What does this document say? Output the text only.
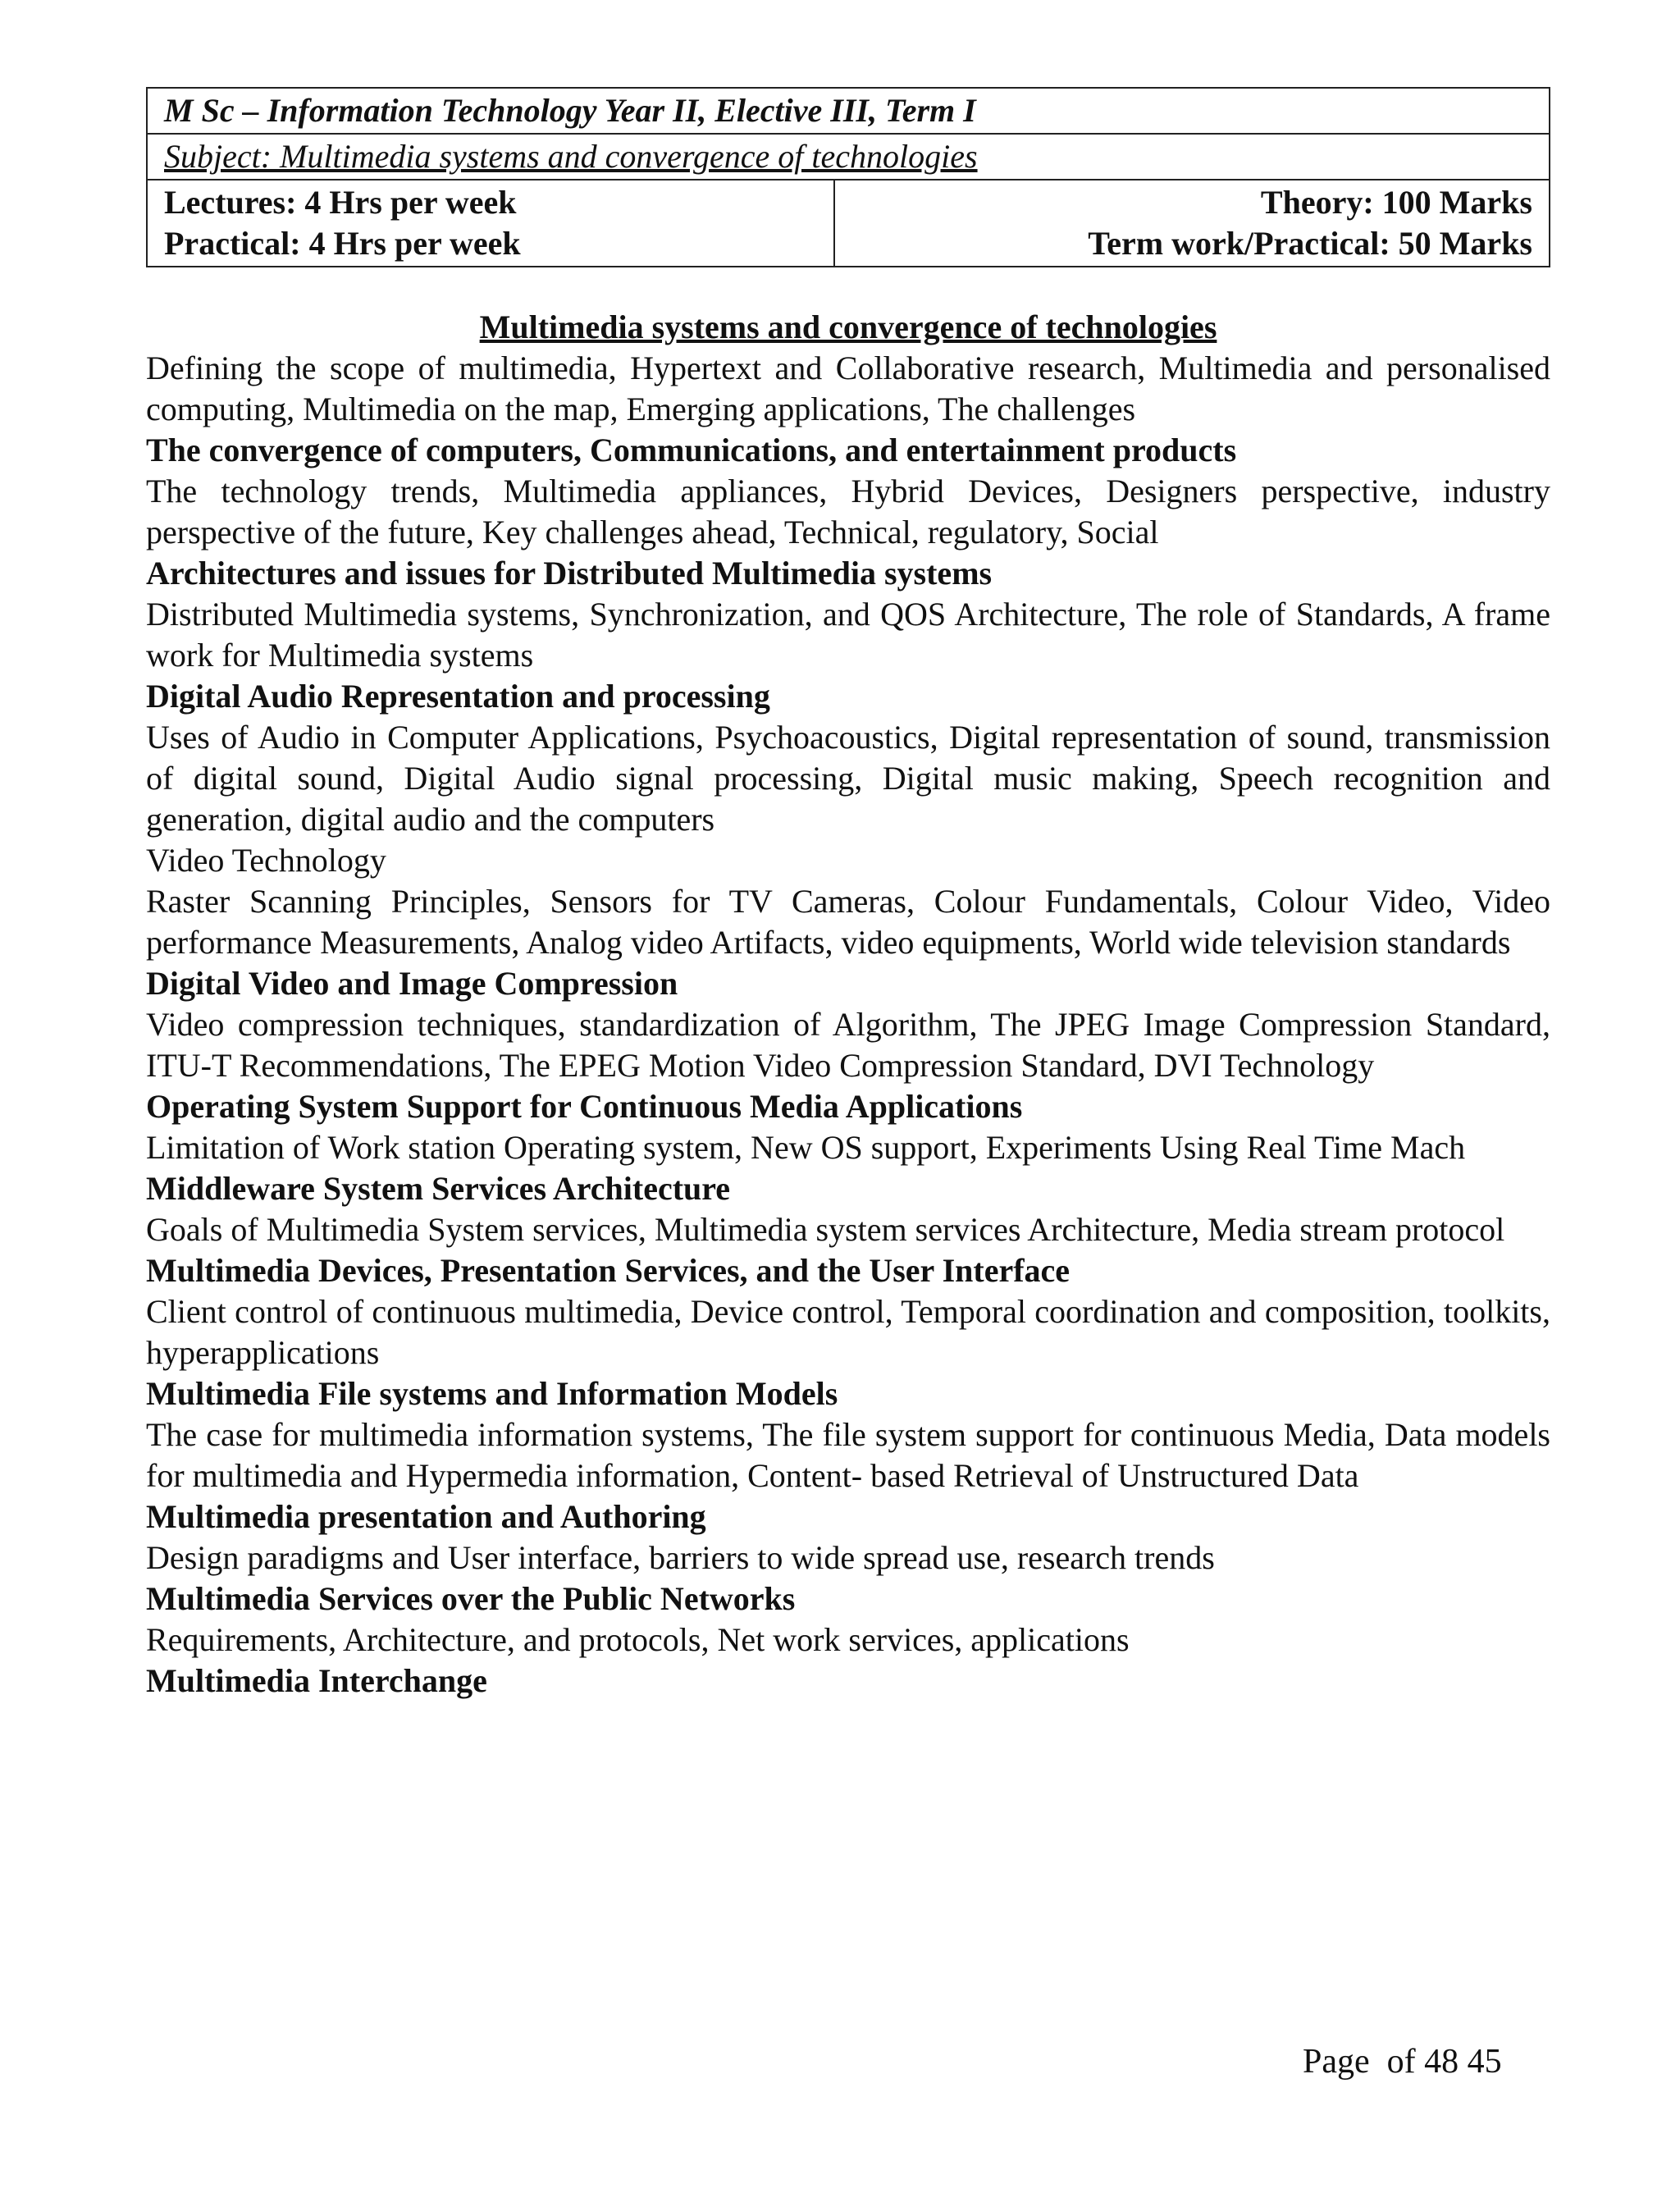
M Sc – Information Technology Year II, Elective III, Term I
Subject: Multimedia systems and convergence of technologies

Lectures: 4 Hrs per week
Practical: 4 Hrs per week

Theory: 100 Marks
Term work/Practical: 50 Marks
Multimedia systems and convergence of technologies
Defining the scope of multimedia, Hypertext and Collaborative research, Multimedia and personalised computing, Multimedia on the map, Emerging applications, The challenges
The convergence of computers, Communications, and entertainment products
The technology trends, Multimedia appliances, Hybrid Devices, Designers perspective, industry perspective of the future, Key challenges ahead, Technical, regulatory, Social
Architectures and issues for Distributed Multimedia systems
Distributed Multimedia systems, Synchronization, and QOS Architecture, The role of Standards, A frame work for Multimedia systems
Digital Audio Representation and processing
Uses of Audio in Computer Applications, Psychoacoustics, Digital representation of sound, transmission of digital sound, Digital Audio signal processing, Digital music making, Speech recognition and generation, digital audio and the computers
Video Technology
Raster Scanning Principles, Sensors for TV Cameras, Colour Fundamentals, Colour Video, Video performance Measurements, Analog video Artifacts, video equipments, World wide television standards
Digital Video and Image Compression
Video compression techniques, standardization of Algorithm, The JPEG Image Compression Standard, ITU-T Recommendations, The EPEG Motion Video Compression Standard, DVI Technology
Operating System Support for Continuous Media Applications
Limitation of Work station Operating system, New OS support, Experiments Using Real Time Mach
Middleware System Services Architecture
Goals of Multimedia System services, Multimedia system services Architecture, Media stream protocol
Multimedia Devices, Presentation Services, and the User Interface
Client control of continuous multimedia, Device control, Temporal coordination and composition, toolkits, hyperapplications
Multimedia File systems and Information Models
The case for multimedia information systems, The file system support for continuous Media, Data models for multimedia and Hypermedia information, Content- based Retrieval of Unstructured Data
Multimedia presentation and Authoring
Design paradigms and User interface, barriers to wide spread use, research trends
Multimedia Services over the Public Networks
Requirements, Architecture, and protocols, Net work services, applications
Multimedia Interchange
Page  of 48 45
